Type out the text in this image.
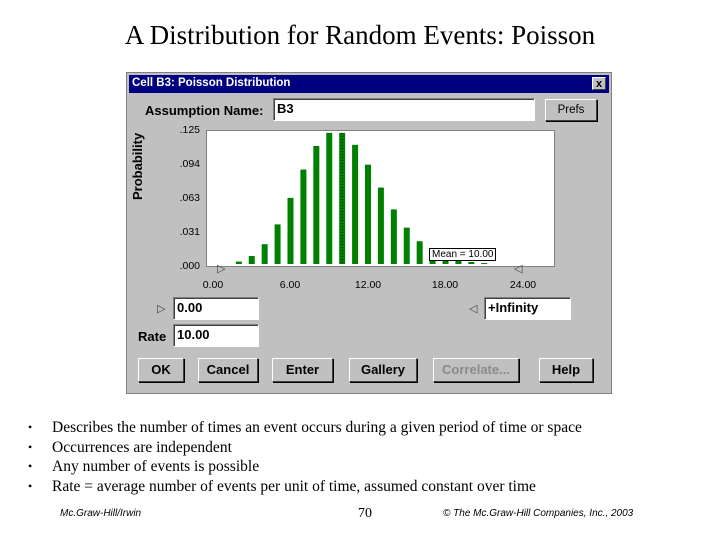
A Distribution for Random Events: Poisson
Cell B3: Poisson Distribution	x
Assumption Name:	B3	Prefs
Probability
.125
.094
.063
.031
.000
Mean = 10.00
▷	◁
0.00	6.00	12.00	18.00	24.00
▷ 0.00	◁ +Infinity
Rate 10.00
OK	Cancel	Enter	Gallery	Correlate...	Help
• Describes the number of times an event occurs during a given period of time or space
• Occurrences are independent
• Any number of events is possible
• Rate = average number of events per unit of time, assumed constant over time
Mc.Graw-Hill/Irwin	70	© The Mc.Graw-Hill Companies, Inc., 2003
